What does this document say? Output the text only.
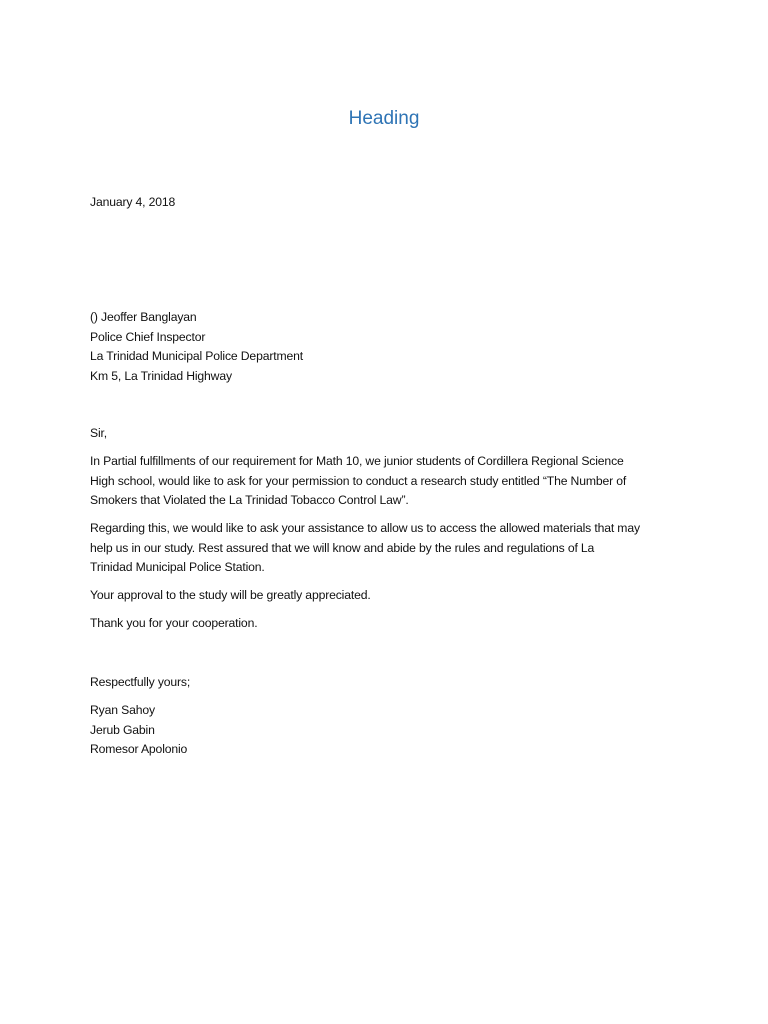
Heading
January 4, 2018
() Jeoffer Banglayan
Police Chief Inspector
La Trinidad Municipal Police Department
Km 5, La Trinidad Highway
Sir,
In Partial fulfillments of our requirement for Math 10, we junior students of Cordillera Regional Science
High school, would like to ask for your permission to conduct a research study entitled “The Number of
Smokers that Violated the La Trinidad Tobacco Control Law”.
Regarding this, we would like to ask your assistance to allow us to access the allowed materials that may
help us in our study. Rest assured that we will know and abide by the rules and regulations of La
Trinidad Municipal Police Station.
Your approval to the study will be greatly appreciated.
Thank you for your cooperation.
Respectfully yours;
Ryan Sahoy
Jerub Gabin
Romesor Apolonio
